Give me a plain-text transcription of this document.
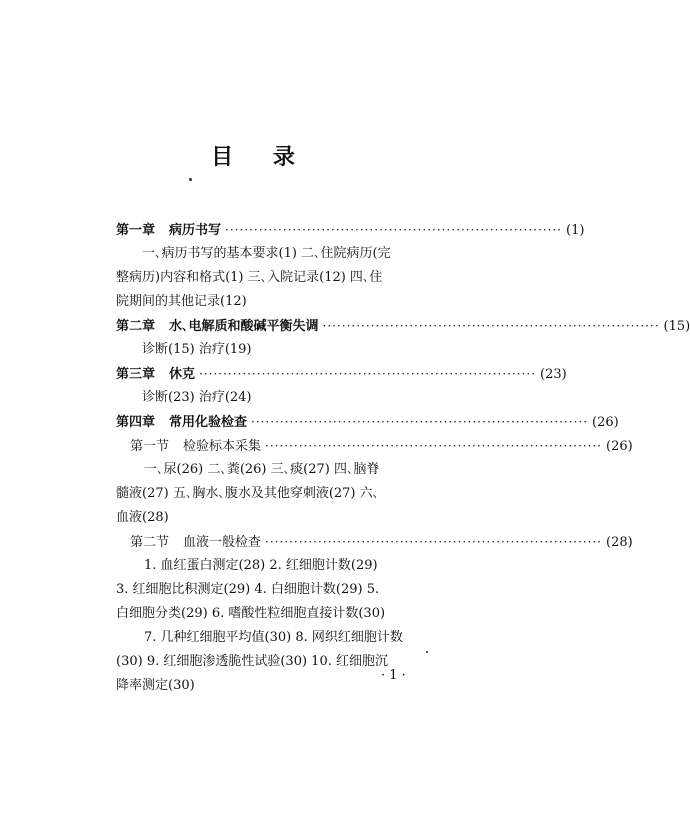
目 录
第一章 病历书写 ······································································ (1)
一､病历书写的基本要求(1) 二､住院病历(完
整病历)内容和格式(1) 三､入院记录(12) 四､住
院期间的其他记录(12)
第二章 水､电解质和酸碱平衡失调 ······································································ (15)
诊断(15) 治疗(19)
第三章 休克 ······································································ (23)
诊断(23) 治疗(24)
第四章 常用化验检查 ······································································ (26)
第一节 检验标本采集 ······································································ (26)
一､尿(26) 二､粪(26) 三､痰(27) 四､脑脊
髓液(27) 五､胸水､腹水及其他穿刺液(27) 六､
血液(28)
第二节 血液一般检查 ······································································ (28)
1. 血红蛋白测定(28) 2. 红细胞计数(29)
3. 红细胞比积测定(29) 4. 白细胞计数(29) 5.
白细胞分类(29) 6. 嗜酸性粒细胞直接计数(30)
7. 几种红细胞平均值(30) 8. 网织红细胞计数
(30) 9. 红细胞渗透脆性试验(30) 10. 红细胞沉
降率测定(30)
· 1 ·
